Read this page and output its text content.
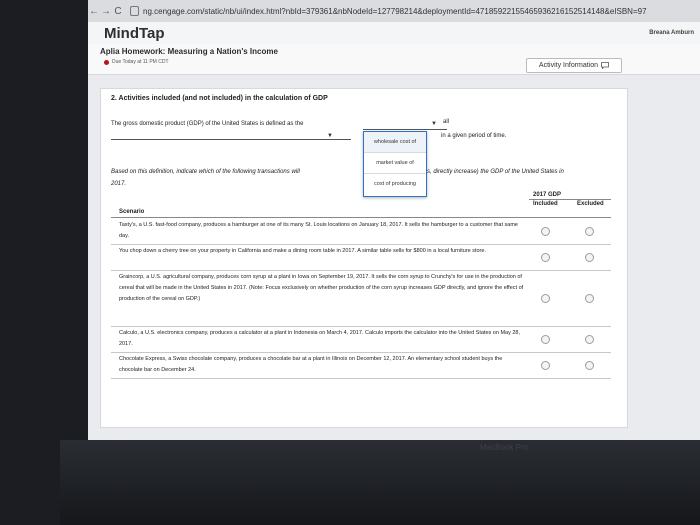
← → C	ng.cengage.com/static/nb/ui/index.html?nbId=379361&nbNodeId=127798214&deploymentId=47185922155465936216152514148&eISBN=97
MindTap	Breana Amburn
Aplia Homework: Measuring a Nation's Income
Due Today at 11 PM CDT	Activity Information
2. Activities included (and not included) in the calculation of GDP
The gross domestic product (GDP) of the United States is defined as the
▼
▼ all
in a given period of time.
wholesale cost of
market value of
cost of producing
Based on this definition, indicate which of the following transactions will	s, directly increase) the GDP of the United States in
2017.
2017 GDP
Included	Excluded
Scenario
Tasty's, a U.S. fast-food company, produces a hamburger at one of its many St. Louis locations on January 18, 2017. It sells the hamburger to a customer that same day.
You chop down a cherry tree on your property in California and make a dining room table in 2017. A similar table sells for $800 in a local furniture store.
Graincorp, a U.S. agricultural company, produces corn syrup at a plant in Iowa on September 19, 2017. It sells the corn syrup to Crunchy's for use in the production of cereal that will be made in the United States in 2017. (Note: Focus exclusively on whether production of the corn syrup increases GDP directly, and ignore the effect of production of the cereal on GDP.)
Calculo, a U.S. electronics company, produces a calculator at a plant in Indonesia on March 4, 2017. Calculo imports the calculator into the United States on May 28, 2017.
Chocolate Express, a Swiss chocolate company, produces a chocolate bar at a plant in Illinois on December 12, 2017. An elementary school student buys the chocolate bar on December 24.
MacBook Pro
